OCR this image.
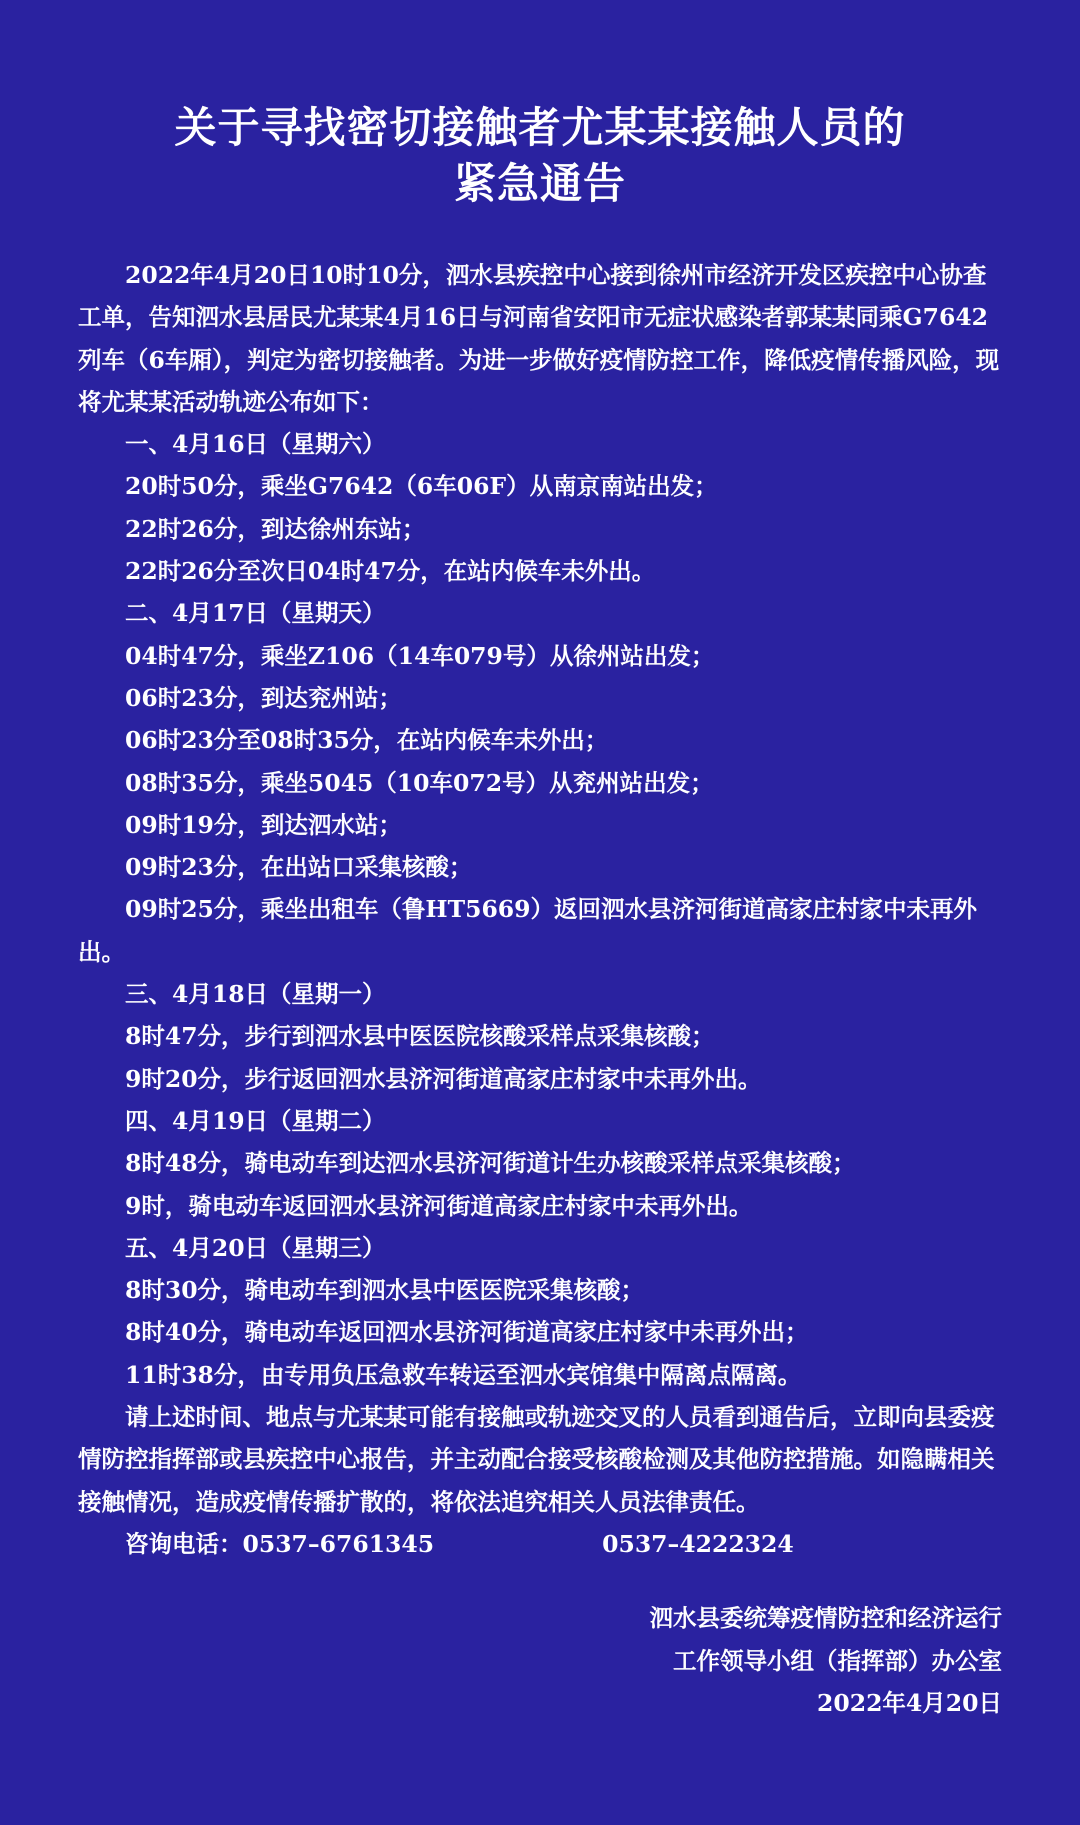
关于寻找密切接触者尤某某接触人员的
紧急通告

2022年4月20日10时10分，泗水县疾控中心接到徐州市经济开发区疾控中心协查工单，告知泗水县居民尤某某4月16日与河南省安阳市无症状感染者郭某某同乘G7642列车（6车厢），判定为密切接触者。为进一步做好疫情防控工作，降低疫情传播风险，现将尤某某活动轨迹公布如下：

一、4月16日（星期六）

20时50分，乘坐G7642（6车06F）从南京南站出发；

22时26分，到达徐州东站；

22时26分至次日04时47分，在站内候车未外出。

二、4月17日（星期天）

04时47分，乘坐Z106（14车079号）从徐州站出发；

06时23分，到达兖州站；

06时23分至08时35分，在站内候车未外出；

08时35分，乘坐5045（10车072号）从兖州站出发；

09时19分，到达泗水站；

09时23分，在出站口采集核酸；

09时25分，乘坐出租车（鲁HT5669）返回泗水县济河街道高家庄村家中未再外出。

三、4月18日（星期一）

8时47分，步行到泗水县中医医院核酸采样点采集核酸；

9时20分，步行返回泗水县济河街道高家庄村家中未再外出。

四、4月19日（星期二）

8时48分，骑电动车到达泗水县济河街道计生办核酸采样点采集核酸；

9时，骑电动车返回泗水县济河街道高家庄村家中未再外出。

五、4月20日（星期三）

8时30分，骑电动车到泗水县中医医院采集核酸；

8时40分，骑电动车返回泗水县济河街道高家庄村家中未再外出；

11时38分，由专用负压急救车转运至泗水宾馆集中隔离点隔离。

请上述时间、地点与尤某某可能有接触或轨迹交叉的人员看到通告后，立即向县委疫情防控指挥部或县疾控中心报告，并主动配合接受核酸检测及其他防控措施。如隐瞒相关接触情况，造成疫情传播扩散的，将依法追究相关人员法律责任。

咨询电话：0537–6761345	0537–4222324

泗水县委统筹疫情防控和经济运行

工作领导小组（指挥部）办公室

2022年4月20日
